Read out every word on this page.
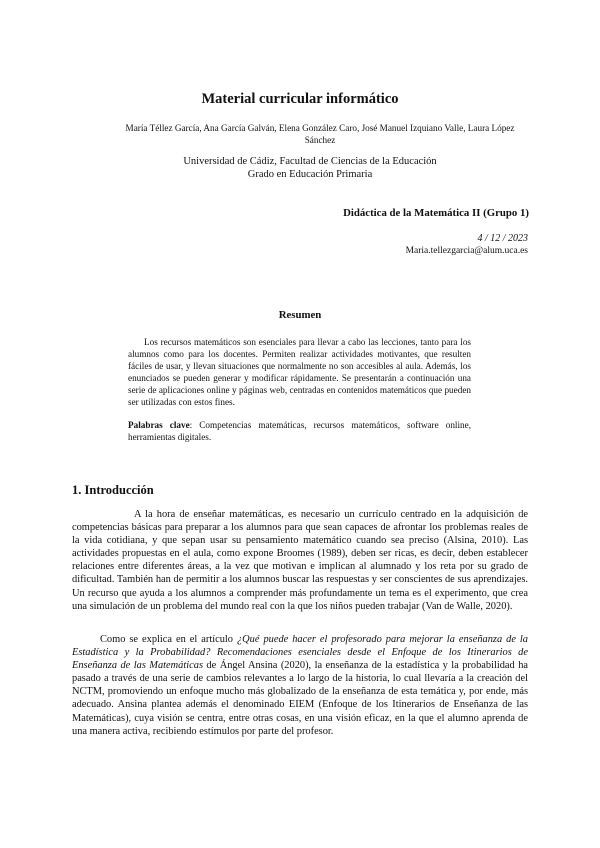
Material curricular informático

María Téllez García, Ana García Galván, Elena González Caro, José Manuel Izquiano Valle, Laura López Sánchez

Universidad de Cádiz, Facultad de Ciencias de la Educación
Grado en Educación Primaria

Didáctica de la Matemática II (Grupo 1)

4 / 12 / 2023

Maria.tellezgarcia@alum.uca.es

Resumen

Los recursos matemáticos son esenciales para llevar a cabo las lecciones, tanto para los alumnos como para los docentes. Permiten realizar actividades motivantes, que resulten fáciles de usar, y llevan situaciones que normalmente no son accesibles al aula. Además, los enunciados se pueden generar y modificar rápidamente. Se presentarán a continuación una serie de aplicaciones online y páginas web, centradas en contenidos matemáticos que pueden ser utilizadas con estos fines.

Palabras clave: Competencias matemáticas, recursos matemáticos, software online, herramientas digitales.

1. Introducción

A la hora de enseñar matemáticas, es necesario un currículo centrado en la adquisición de competencias básicas para preparar a los alumnos para que sean capaces de afrontar los problemas reales de la vida cotidiana, y que sepan usar su pensamiento matemático cuando sea preciso (Alsina, 2010). Las actividades propuestas en el aula, como expone Broomes (1989), deben ser ricas, es decir, deben establecer relaciones entre diferentes áreas, a la vez que motivan e implican al alumnado y los reta por su grado de dificultad. También han de permitir a los alumnos buscar las respuestas y ser conscientes de sus aprendizajes. Un recurso que ayuda a los alumnos a comprender más profundamente un tema es el experimento, que crea una simulación de un problema del mundo real con la que los niños pueden trabajar (Van de Walle, 2020).

Como se explica en el artículo ¿Qué puede hacer el profesorado para mejorar la enseñanza de la Estadística y la Probabilidad? Recomendaciones esenciales desde el Enfoque de los Itinerarios de Enseñanza de las Matemáticas de Ángel Ansina (2020), la enseñanza de la estadística y la probabilidad ha pasado a través de una serie de cambios relevantes a lo largo de la historia, lo cual llevaría a la creación del NCTM, promoviendo un enfoque mucho más globalizado de la enseñanza de esta temática y, por ende, más adecuado. Ansina plantea además el denominado EIEM (Enfoque de los Itinerarios de Enseñanza de las Matemáticas), cuya visión se centra, entre otras cosas, en una visión eficaz, en la que el alumno aprenda de una manera activa, recibiendo estímulos por parte del profesor.
